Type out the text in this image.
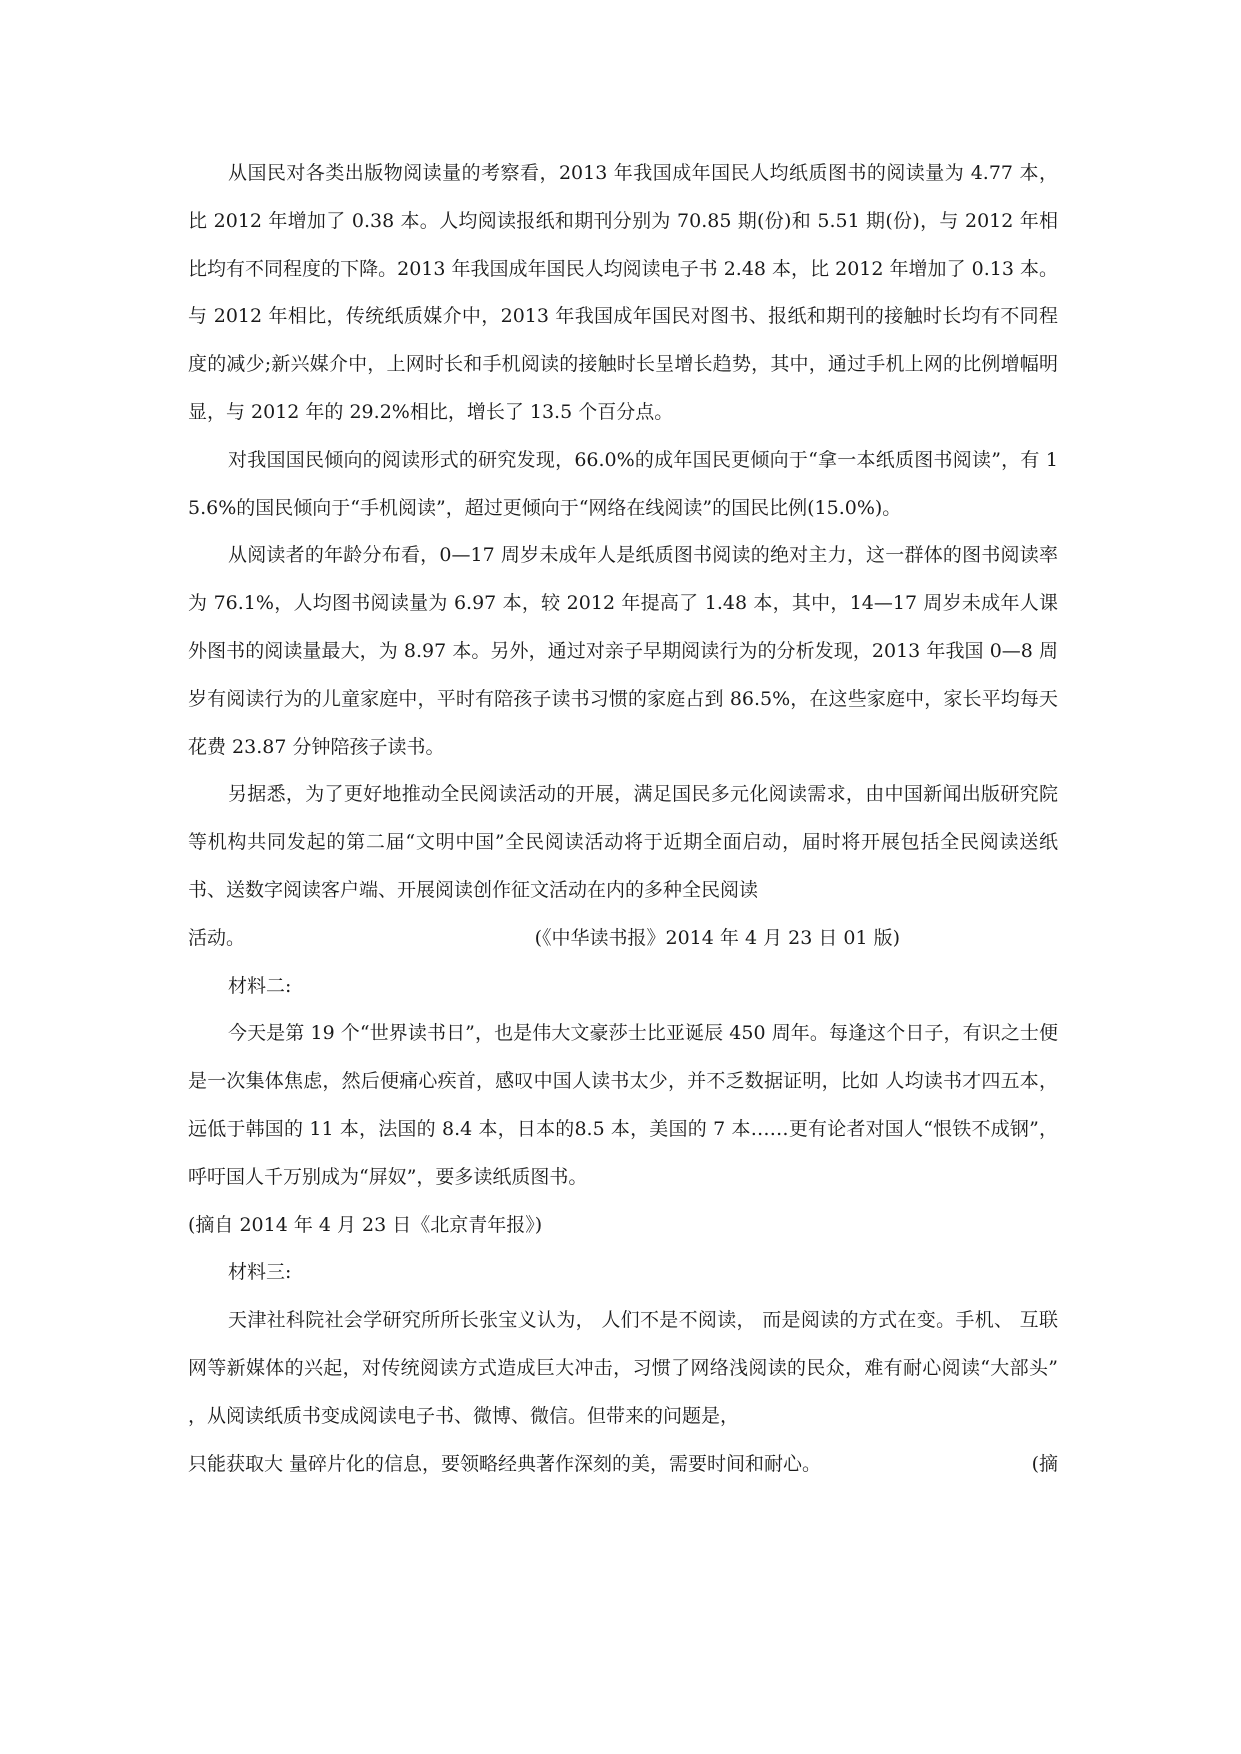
从国民对各类出版物阅读量的考察看，2013 年我国成年国民人均纸质图书的阅读量为 4.77 本，比 2012 年增加了 0.38 本。人均阅读报纸和期刊分别为 70.85 期(份)和 5.51 期(份)，与 2012 年相比均有不同程度的下降。2013 年我国成年国民人均阅读电子书 2.48 本，比 2012 年增加了 0.13 本。与 2012 年相比，传统纸质媒介中，2013 年我国成年国民对图书、报纸和期刊的接触时长均有不同程度的减少;新兴媒介中，上网时长和手机阅读的接触时长呈增长趋势，其中，通过手机上网的比例增幅明显，与 2012 年的 29.2%相比，增长了 13.5 个百分点。

对我国国民倾向的阅读形式的研究发现，66.0%的成年国民更倾向于“拿一本纸质图书阅读”，有 15.6%的国民倾向于“手机阅读”，超过更倾向于“网络在线阅读”的国民比例(15.0%)。

从阅读者的年龄分布看，0—17 周岁未成年人是纸质图书阅读的绝对主力，这一群体的图书阅读率为 76.1%，人均图书阅读量为 6.97 本，较 2012 年提高了 1.48 本，其中，14—17 周岁未成年人课外图书的阅读量最大，为 8.97 本。另外，通过对亲子早期阅读行为的分析发现，2013 年我国 0—8 周岁有阅读行为的儿童家庭中，平时有陪孩子读书习惯的家庭占到 86.5%，在这些家庭中，家长平均每天花费 23.87 分钟陪孩子读书。

另据悉，为了更好地推动全民阅读活动的开展，满足国民多元化阅读需求，由中国新闻出版研究院等机构共同发起的第二届“文明中国”全民阅读活动将于近期全面启动，届时将开展包括全民阅读送纸书、送数字阅读客户端、开展阅读创作征文活动在内的多种全民阅读

活动。	(《中华读书报》2014 年 4 月 23 日 01 版)

材料二:

今天是第 19 个“世界读书日”，也是伟大文豪莎士比亚诞辰 450 周年。每逢这个日子，有识之士便是一次集体焦虑，然后便痛心疾首，感叹中国人读书太少，并不乏数据证明，比如 人均读书才四五本，远低于韩国的 11 本，法国的 8.4 本，日本的8.5 本，美国的 7 本……更有论者对国人“恨铁不成钢”，呼吁国人千万别成为“屏奴”，要多读纸质图书。

(摘自 2014 年 4 月 23 日《北京青年报》)

材料三:

天津社科院社会学研究所所长张宝义认为， 人们不是不阅读， 而是阅读的方式在变。手机、 互联网等新媒体的兴起，对传统阅读方式造成巨大冲击，习惯了网络浅阅读的民众，难有耐心阅读“大部头” ，从阅读纸质书变成阅读电子书、微博、微信。但带来的问题是，

只能获取大 量碎片化的信息，要领略经典著作深刻的美，需要时间和耐心。	(摘
